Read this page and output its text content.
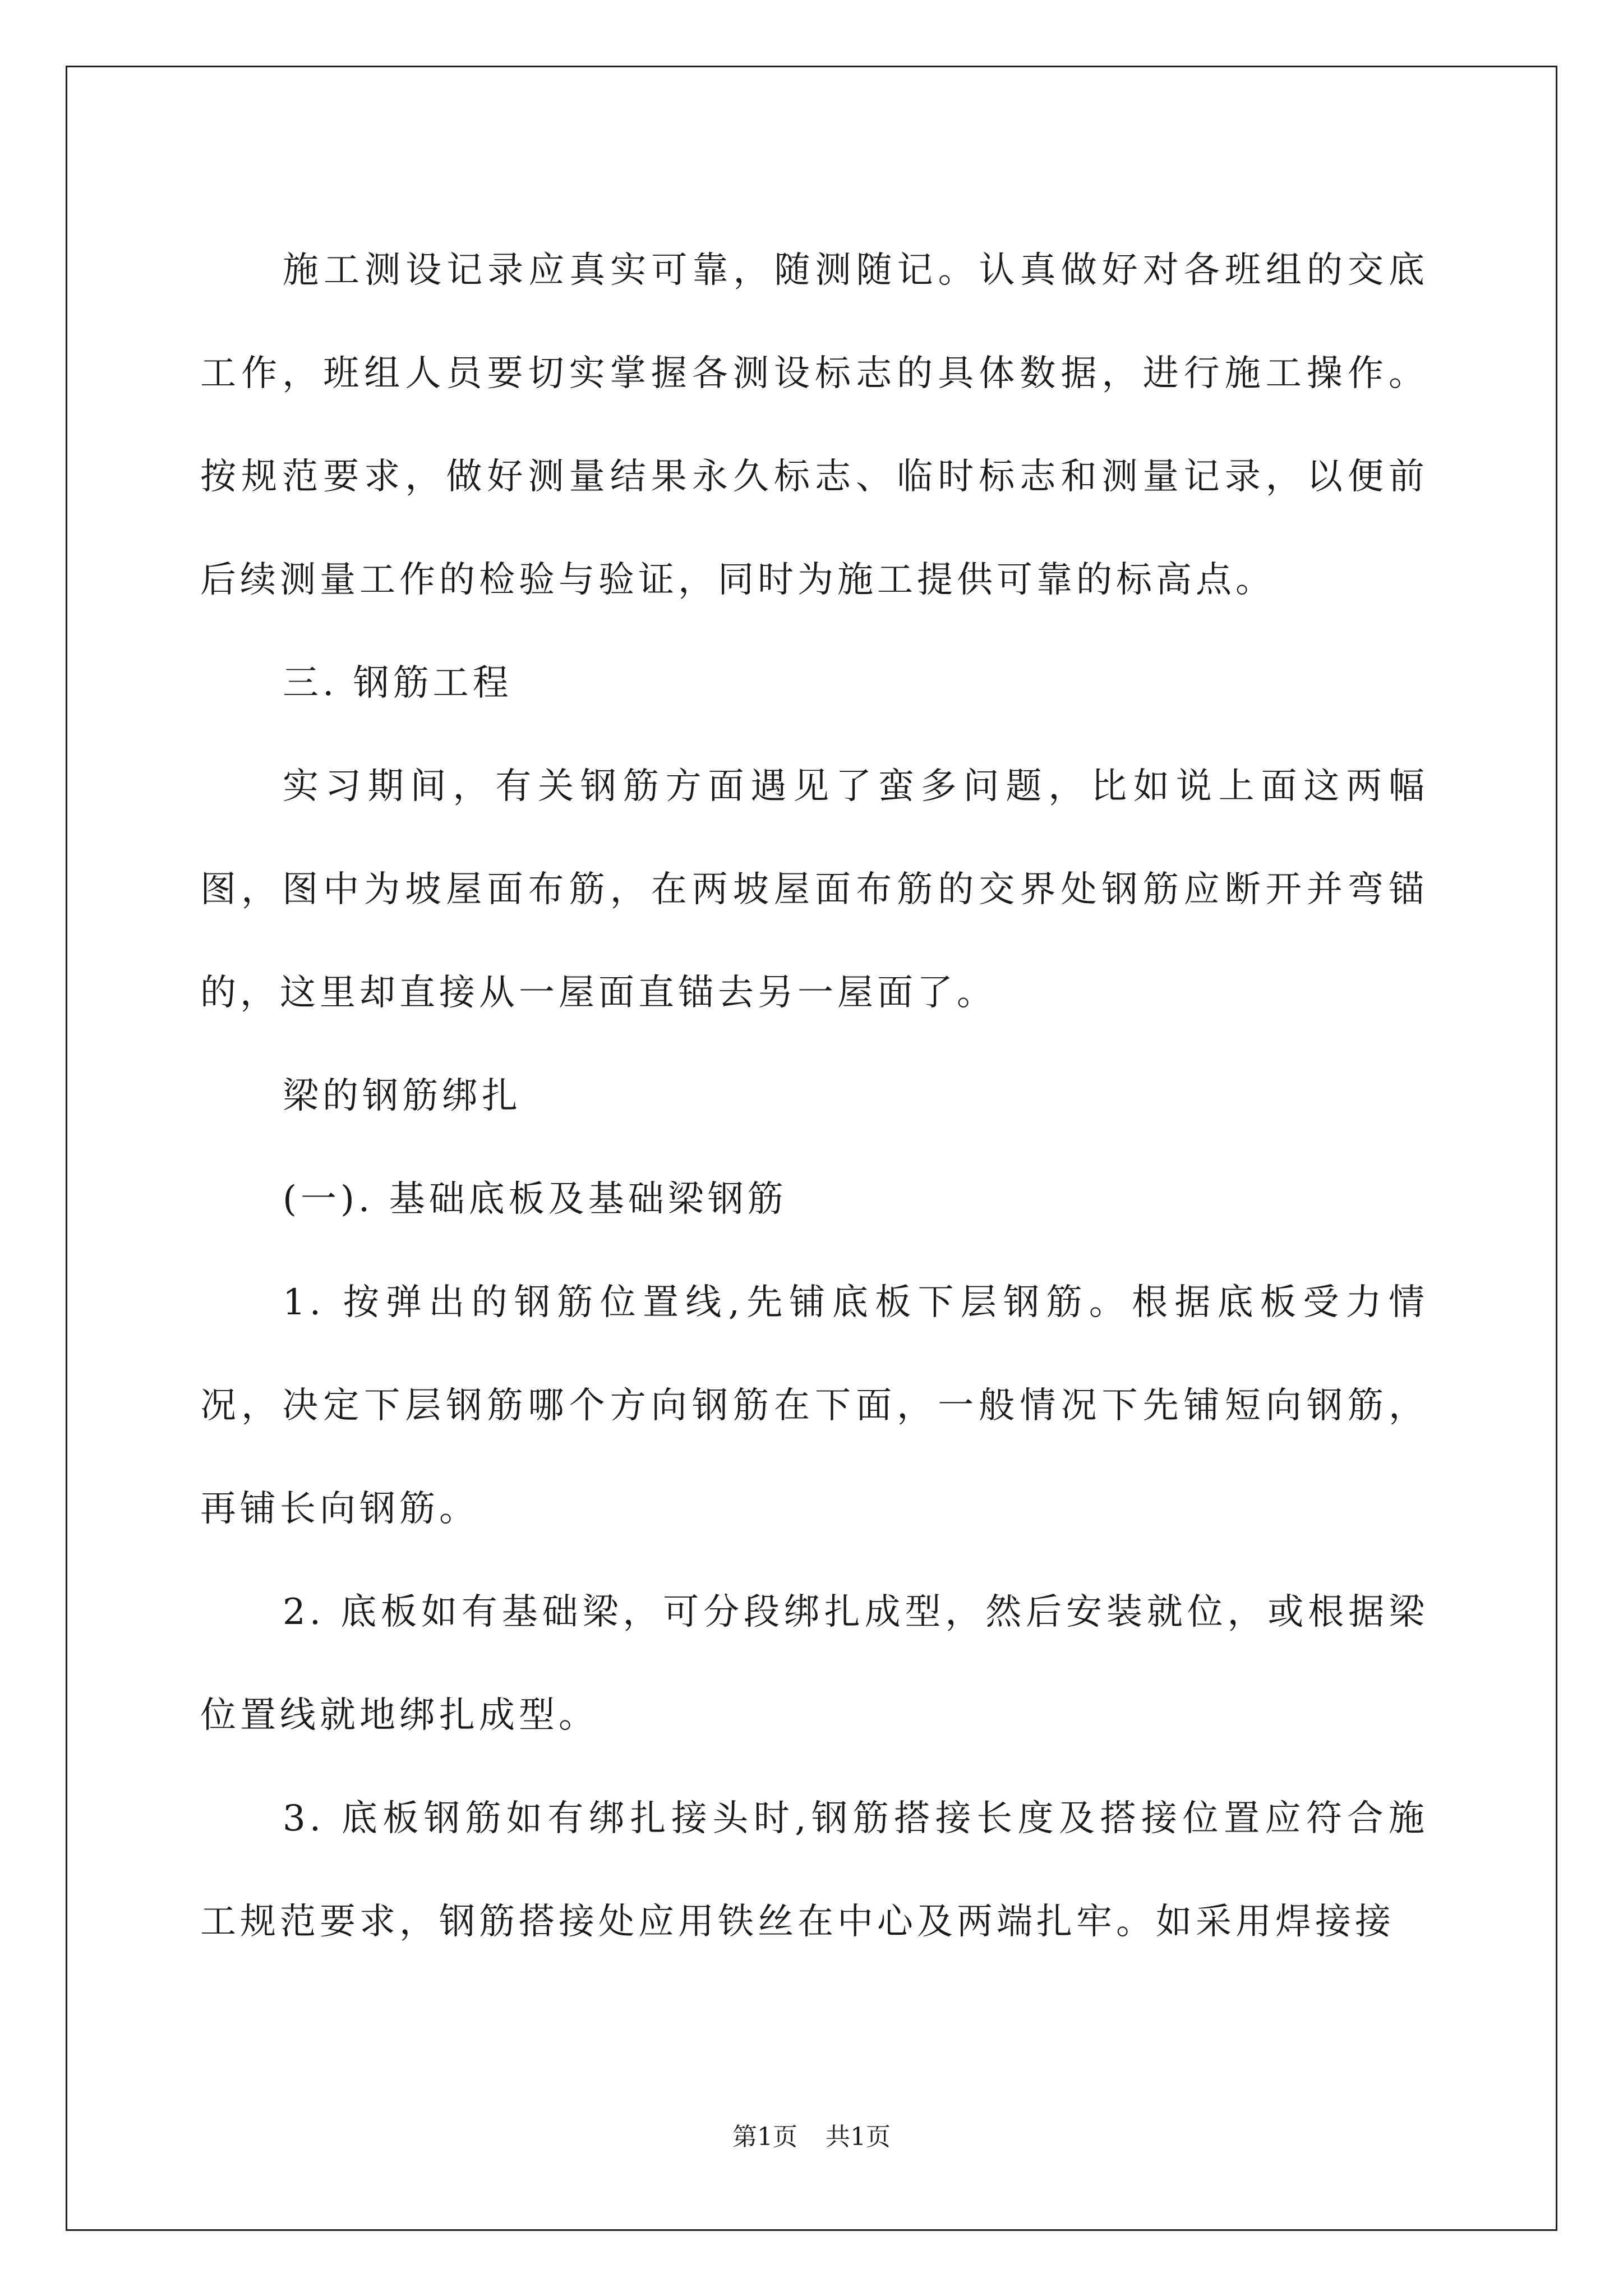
施工测设记录应真实可靠，随测随记。认真做好对各班组的交底工作，班组人员要切实掌握各测设标志的具体数据，进行施工操作。按规范要求，做好测量结果永久标志、临时标志和测量记录，以便前后续测量工作的检验与验证，同时为施工提供可靠的标高点。

三. 钢筋工程

实习期间，有关钢筋方面遇见了蛮多问题，比如说上面这两幅图，图中为坡屋面布筋，在两坡屋面布筋的交界处钢筋应断开并弯锚的，这里却直接从一屋面直锚去另一屋面了。

梁的钢筋绑扎

(一). 基础底板及基础梁钢筋

1. 按弹出的钢筋位置线,先铺底板下层钢筋。根据底板受力情况，决定下层钢筋哪个方向钢筋在下面，一般情况下先铺短向钢筋，再铺长向钢筋。

2. 底板如有基础梁，可分段绑扎成型，然后安装就位，或根据梁位置线就地绑扎成型。

3. 底板钢筋如有绑扎接头时,钢筋搭接长度及搭接位置应符合施工规范要求，钢筋搭接处应用铁丝在中心及两端扎牢。如采用焊接接

第1页 共1页
